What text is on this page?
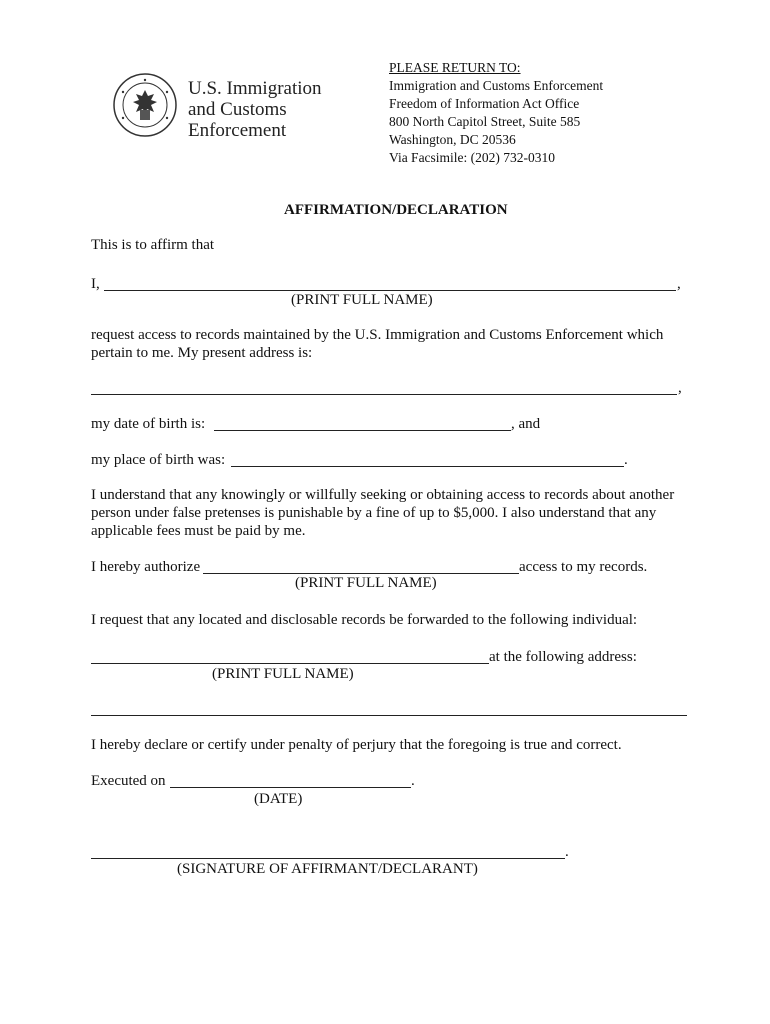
U.S. Immigration
and Customs
Enforcement
PLEASE RETURN TO:
Immigration and Customs Enforcement
Freedom of Information Act Office
800 North Capitol Street, Suite 585
Washington, DC 20536
Via Facsimile: (202) 732-0310
AFFIRMATION/DECLARATION
This is to affirm that
I,	,
(PRINT FULL NAME)
request access to records maintained by the U.S. Immigration and Customs Enforcement which
pertain to me. My present address is:
,
my date of birth is:	, and
my place of birth was:	.
I understand that any knowingly or willfully seeking or obtaining access to records about another
person under false pretenses is punishable by a fine of up to $5,000. I also understand that any
applicable fees must be paid by me.
I hereby authorize	access to my records.
(PRINT FULL NAME)
I request that any located and disclosable records be forwarded to the following individual:
at the following address:
(PRINT FULL NAME)
I hereby declare or certify under penalty of perjury that the foregoing is true and correct.
Executed on	.
(DATE)
.
(SIGNATURE OF AFFIRMANT/DECLARANT)
